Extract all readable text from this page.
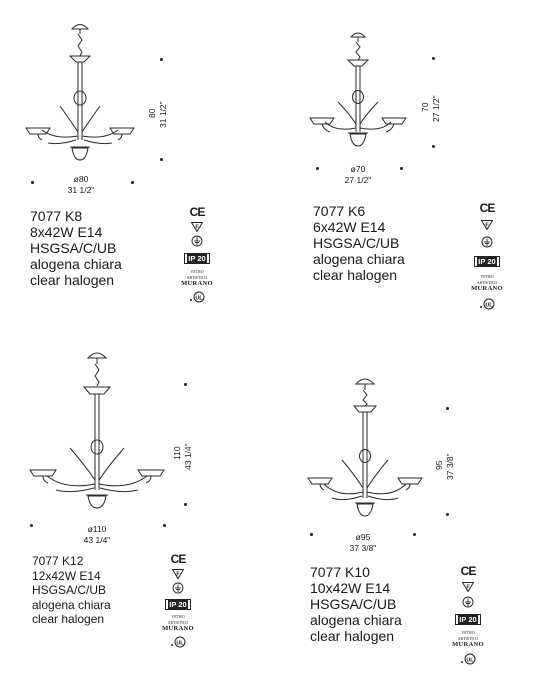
80 31 1/2"
ø80
31 1/2"
7077 K8
8x42W E14
HSGSA/C/UB
alogena chiara
clear halogen
CE
F
IP 20
VETRO ARTISTICO
MURANO
UL
70 27 1/2"
ø70
27 1/2"
7077 K6
6x42W E14
HSGSA/C/UB
alogena chiara
clear halogen
CE
F
IP 20
VETRO ARTISTICO
MURANO
UL
110 43 1/4"
ø110
43 1/4"
7077 K12
12x42W E14
HSGSA/C/UB
alogena chiara
clear halogen
CE
F
IP 20
VETRO ARTISTICO
MURANO
UL
95 37 3/8"
ø95
37 3/8"
7077 K10
10x42W E14
HSGSA/C/UB
alogena chiara
clear halogen
CE
F
IP 20
VETRO ARTISTICO
MURANO
UL
